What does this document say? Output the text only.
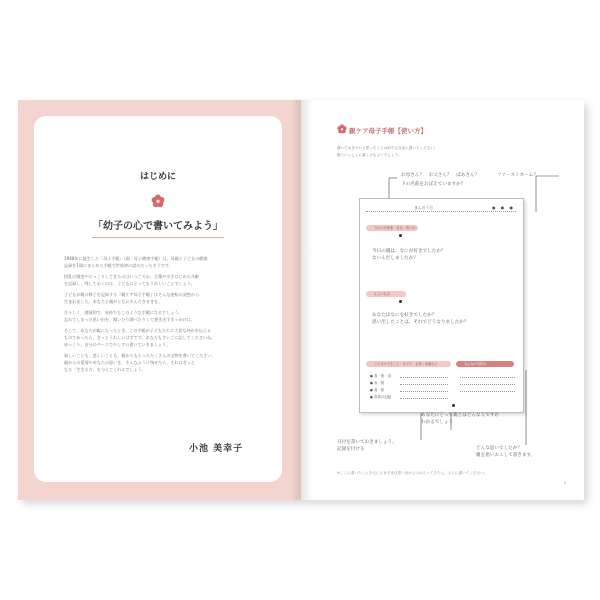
はじめに
「幼子の心で書いてみよう」
1948年に誕生した「母子手帳」（現・母子健康手帳）は、母親と子どもの健康
記録を1冊にまとめた手帳で世界初の試みだったそうです。
授乳の頻度やにっこりしてきたのはいつごろか、言葉や歩きはじめた月齢
を記録し、残しておくのは、子どもにとってもうれしいことでしょう。
子どもが親の様子を記録する『親ケア母子手帳』はそんな逆転の発想から
生まれました。あなたと親がともに歩んだきせきを。
生々しく、感情的で、気持ちもこのような手帳になるでしょう。
忘れてしまった思い出を、聞いたり調べたりして書き出すきっかけに。
そして、あなたが親になったとき、この手帳が子どもたちに大切な何かを伝える
ものであったら、きっとうれしいはずです。あなたもさいごに記してくださいね。
ゆっくり、自分のペースで少しずつ書いていきましょう。
楽しいことも、悲しいことも、親からもらったたくさんの宝物を書いてください。
親からの愛情やあなたの思いを、そんなふうに残せたら、それはきっと
なる「生きる力」を与えてくれるでしょう。
小池 美幸子
親ケア母子手帳【使い方】
書いておきたいと思ったことは何でも自由に書いてください。
親といっしょに書くのもよいでしょう。
お母さん？　お父さん？　ばあさん？	ファーストネーム？
下の名前をおぼえていますか？
まんのう日	● ● ●
今日の出来事・変化・思い出
今日の親は、なにが好きでしたか？
ないんだしましたか？
えらいなあ
あなたはなにを好きでしたか？
思い出したことは、それでどうなりましたか？
この日のできごと・友だち・近所・体調など	みんなの気持ち
● 食・飲・食
● 食・飲
● 食・飲
● 食事の記録
あなたにとって親とはどんな人ですか
わかるでしょう
日付を書いておきましょう。
記録を付ける	どんな思いでしたか？
親を思いおこして書きます。
※ここに書いたことを元にさまざまな思い出がよみがえってきたら、さらに書いてください。
2
